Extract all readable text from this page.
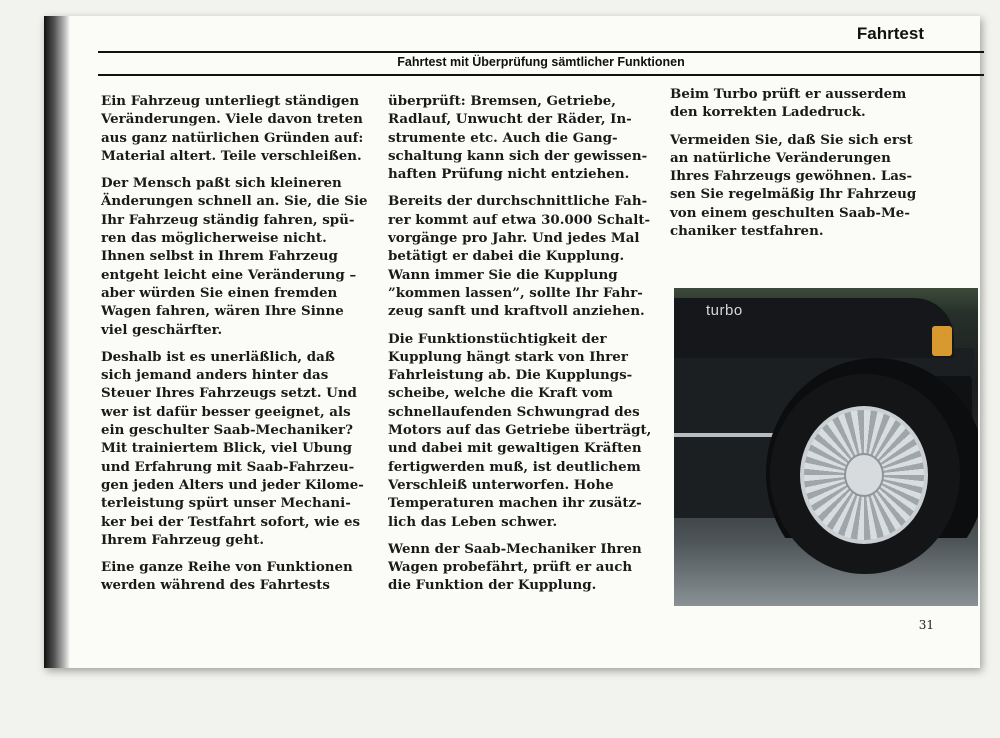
Fahrtest
Fahrtest mit Überprüfung sämtlicher Funktionen

Ein Fahrzeug unterliegt ständigen
Veränderungen. Viele davon treten
aus ganz natürlichen Gründen auf:
Material altert. Teile verschleißen.

Der Mensch paßt sich kleineren
Änderungen schnell an. Sie, die Sie
Ihr Fahrzeug ständig fahren, spü-
ren das möglicherweise nicht.
Ihnen selbst in Ihrem Fahrzeug
entgeht leicht eine Veränderung –
aber würden Sie einen fremden
Wagen fahren, wären Ihre Sinne
viel geschärfter.

Deshalb ist es unerläßlich, daß
sich jemand anders hinter das
Steuer Ihres Fahrzeugs setzt. Und
wer ist dafür besser geeignet, als
ein geschulter Saab-Mechaniker?
Mit trainiertem Blick, viel Ubung
und Erfahrung mit Saab-Fahrzeu-
gen jeden Alters und jeder Kilome-
terleistung spürt unser Mechani-
ker bei der Testfahrt sofort, wie es
Ihrem Fahrzeug geht.

Eine ganze Reihe von Funktionen
werden während des Fahrtests

überprüft: Bremsen, Getriebe,
Radlauf, Unwucht der Räder, In-
strumente etc. Auch die Gang-
schaltung kann sich der gewissen-
haften Prüfung nicht entziehen.

Bereits der durchschnittliche Fah-
rer kommt auf etwa 30.000 Schalt-
vorgänge pro Jahr. Und jedes Mal
betätigt er dabei die Kupplung.
Wann immer Sie die Kupplung
”kommen lassen”, sollte Ihr Fahr-
zeug sanft und kraftvoll anziehen.

Die Funktionstüchtigkeit der
Kupplung hängt stark von Ihrer
Fahrleistung ab. Die Kupplungs-
scheibe, welche die Kraft vom
schnellaufenden Schwungrad des
Motors auf das Getriebe überträgt,
und dabei mit gewaltigen Kräften
fertigwerden muß, ist deutlichem
Verschleiß unterworfen. Hohe
Temperaturen machen ihr zusätz-
lich das Leben schwer.

Wenn der Saab-Mechaniker Ihren
Wagen probefährt, prüft er auch
die Funktion der Kupplung.

Beim Turbo prüft er ausserdem
den korrekten Ladedruck.

Vermeiden Sie, daß Sie sich erst
an natürliche Veränderungen
Ihres Fahrzeugs gewöhnen. Las-
sen Sie regelmäßig Ihr Fahrzeug
von einem geschulten Saab-Me-
chaniker testfahren.

turbo
31
